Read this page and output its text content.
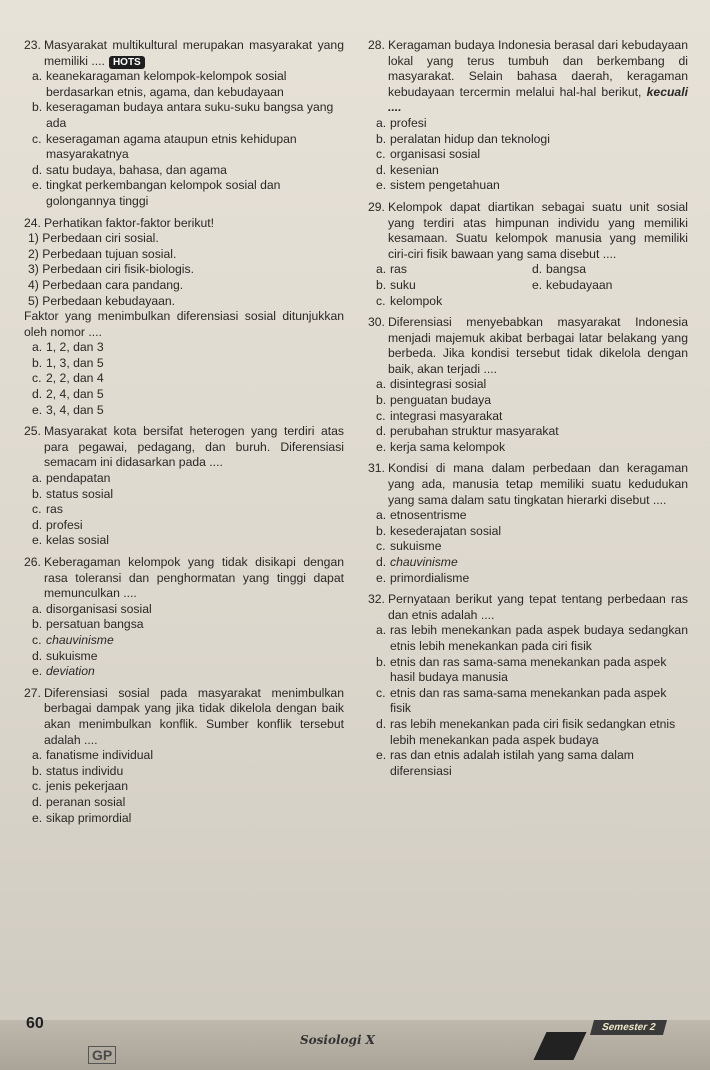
23. Masyarakat multikultural merupakan masyarakat yang memiliki .... HOTS
a. keanekaragaman kelompok-kelompok sosial berdasarkan etnis, agama, dan kebudayaan
b. keseragaman budaya antara suku-suku bangsa yang ada
c. keseragaman agama ataupun etnis kehidupan masyarakatnya
d. satu budaya, bahasa, dan agama
e. tingkat perkembangan kelompok sosial dan golongannya tinggi
24. Perhatikan faktor-faktor berikut!
1) Perbedaan ciri sosial.
2) Perbedaan tujuan sosial.
3) Perbedaan ciri fisik-biologis.
4) Perbedaan cara pandang.
5) Perbedaan kebudayaan.
Faktor yang menimbulkan diferensiasi sosial ditunjukkan oleh nomor ....
a. 1, 2, dan 3
b. 1, 3, dan 5
c. 2, 2, dan 4
d. 2, 4, dan 5
e. 3, 4, dan 5
25. Masyarakat kota bersifat heterogen yang terdiri atas para pegawai, pedagang, dan buruh. Diferensiasi semacam ini didasarkan pada ....
a. pendapatan
b. status sosial
c. ras
d. profesi
e. kelas sosial
26. Keberagaman kelompok yang tidak disikapi dengan rasa toleransi dan penghormatan yang tinggi dapat memunculkan ....
a. disorganisasi sosial
b. persatuan bangsa
c. chauvinisme
d. sukuisme
e. deviation
27. Diferensiasi sosial pada masyarakat menimbulkan berbagai dampak yang jika tidak dikelola dengan baik akan menimbulkan konflik. Sumber konflik tersebut adalah ....
a. fanatisme individual
b. status individu
c. jenis pekerjaan
d. peranan sosial
e. sikap primordial
28. Keragaman budaya Indonesia berasal dari kebudayaan lokal yang terus tumbuh dan berkembang di masyarakat. Selain bahasa daerah, keragaman kebudayaan tercermin melalui hal-hal berikut, kecuali ....
a. profesi
b. peralatan hidup dan teknologi
c. organisasi sosial
d. kesenian
e. sistem pengetahuan
29. Kelompok dapat diartikan sebagai suatu unit sosial yang terdiri atas himpunan individu yang memiliki kesamaan. Suatu kelompok manusia yang memiliki ciri-ciri fisik bawaan yang sama disebut ....
a. ras	d. bangsa
b. suku	e. kebudayaan
c. kelompok
30. Diferensiasi menyebabkan masyarakat Indonesia menjadi majemuk akibat berbagai latar belakang yang berbeda. Jika kondisi tersebut tidak dikelola dengan baik, akan terjadi ....
a. disintegrasi sosial
b. penguatan budaya
c. integrasi masyarakat
d. perubahan struktur masyarakat
e. kerja sama kelompok
31. Kondisi di mana dalam perbedaan dan keragaman yang ada, manusia tetap memiliki suatu kedudukan yang sama dalam satu tingkatan hierarki disebut ....
a. etnosentrisme
b. kesederajatan sosial
c. sukuisme
d. chauvinisme
e. primordialisme
32. Pernyataan berikut yang tepat tentang perbedaan ras dan etnis adalah ....
a. ras lebih menekankan pada aspek budaya sedangkan etnis lebih menekankan pada ciri fisik
b. etnis dan ras sama-sama menekankan pada aspek hasil budaya manusia
c. etnis dan ras sama-sama menekankan pada aspek fisik
d. ras lebih menekankan pada ciri fisik sedangkan etnis lebih menekankan pada aspek budaya
e. ras dan etnis adalah istilah yang sama dalam diferensiasi
60
GP
Sosiologi X
Semester 2
